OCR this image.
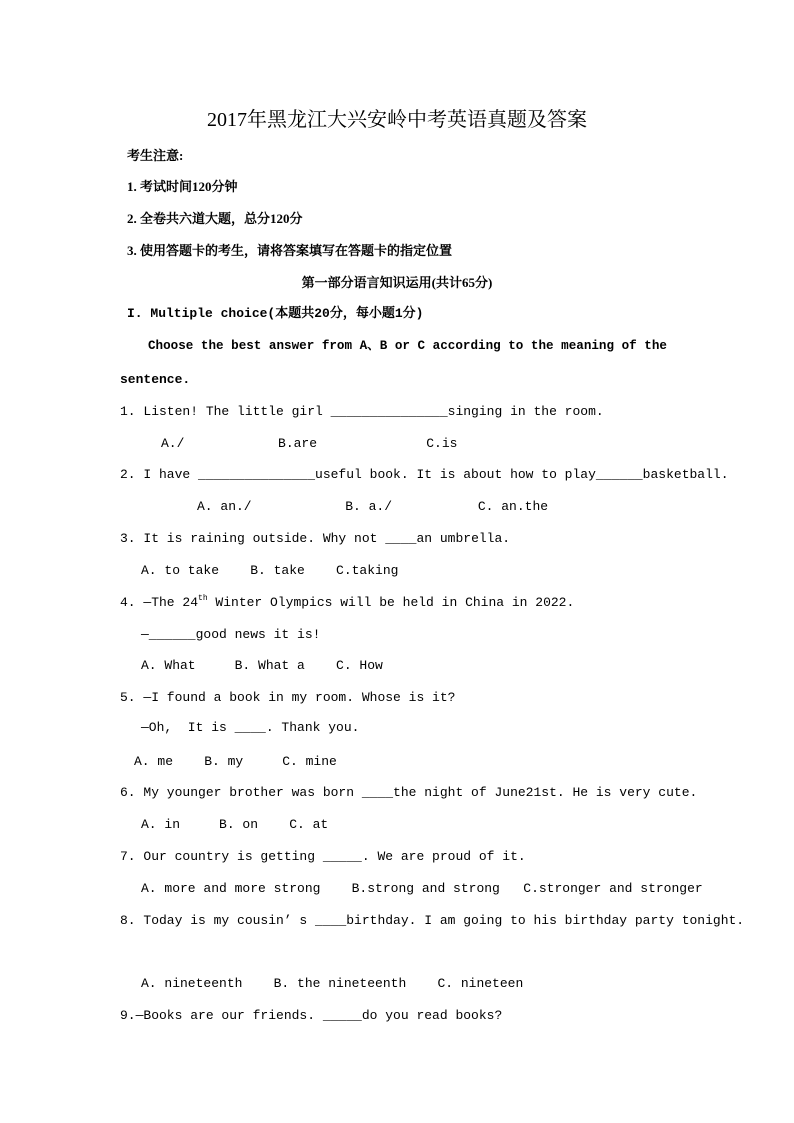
2017年黑龙江大兴安岭中考英语真题及答案
考生注意:
1. 考试时间120分钟
2. 全卷共六道大题，总分120分
3. 使用答题卡的考生，请将答案填写在答题卡的指定位置
第一部分语言知识运用(共计65分)
I. Multiple choice(本题共20分，每小题1分)
Choose the best answer from A、B or C according to the meaning of the
sentence.
1. Listen! The little girl _______________singing in the room.
A./            B.are              C.is
2. I have _______________useful book. It is about how to play______basketball.
A. an./            B. a./           C. an.the
3. It is raining outside. Why not ____an umbrella.
A. to take    B. take    C.taking
4. —The 24th Winter Olympics will be held in China in 2022.
—______good news it is!
A. What     B. What a    C. How
5. —I found a book in my room. Whose is it?
—Oh,  It is ____. Thank you.
A. me    B. my     C. mine
6. My younger brother was born ____the night of June21st. He is very cute.
A. in     B. on    C. at
7. Our country is getting _____. We are proud of it.
A. more and more strong    B.strong and strong   C.stronger and stronger
8. Today is my cousin’ s ____birthday. I am going to his birthday party tonight.
A. nineteenth    B. the nineteenth    C. nineteen
9.—Books are our friends. _____do you read books?
